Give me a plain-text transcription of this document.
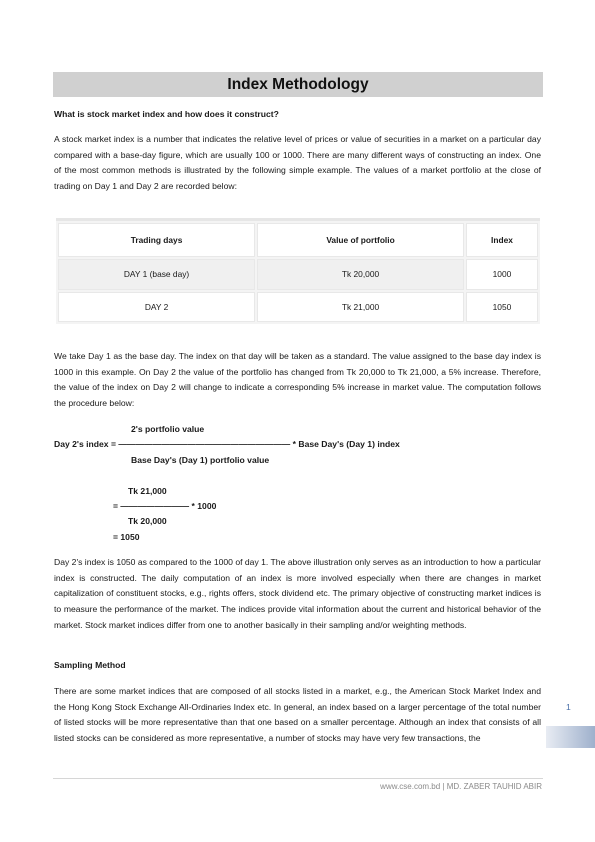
Index Methodology
What is stock market index and how does it construct?
A stock market index is a number that indicates the relative level of prices or value of securities in a market on a particular day compared with a base-day figure, which are usually 100 or 1000. There are many different ways of constructing an index. One of the most common methods is illustrated by the following simple example. The values of a market portfolio at the close of trading on Day 1 and Day 2 are recorded below:
Trading days	Value of portfolio	Index
DAY 1 (base day)	Tk 20,000	1000
DAY 2	Tk 21,000	1050
We take Day 1 as the base day. The index on that day will be taken as a standard. The value assigned to the base day index is 1000 in this example. On Day 2 the value of the portfolio has changed from Tk 20,000 to Tk 21,000, a 5% increase. Therefore, the value of the index on Day 2 will change to indicate a corresponding 5% increase in market value. The computation follows the procedure below:
2's portfolio value
Day 2's index = ———————————————————— * Base Day's (Day 1) index
Base Day's (Day 1) portfolio value
Tk 21,000
= ———————— * 1000
Tk 20,000
= 1050
Day 2's index is 1050 as compared to the 1000 of day 1. The above illustration only serves as an introduction to how a particular index is constructed. The daily computation of an index is more involved especially when there are changes in market capitalization of constituent stocks, e.g., rights offers, stock dividend etc. The primary objective of constructing market indices is to measure the performance of the market. The indices provide vital information about the current and historical behavior of the market. Stock market indices differ from one to another basically in their sampling and/or weighting methods.
Sampling Method
There are some market indices that are composed of all stocks listed in a market, e.g., the American Stock Market Index and the Hong Kong Stock Exchange All-Ordinaries Index etc. In general, an index based on a larger percentage of the total number of listed stocks will be more representative than that one based on a smaller percentage. Although an index that consists of all listed stocks can be considered as more representative, a number of stocks may have very few transactions, the
1
www.cse.com.bd | MD. ZABER TAUHID ABIR
